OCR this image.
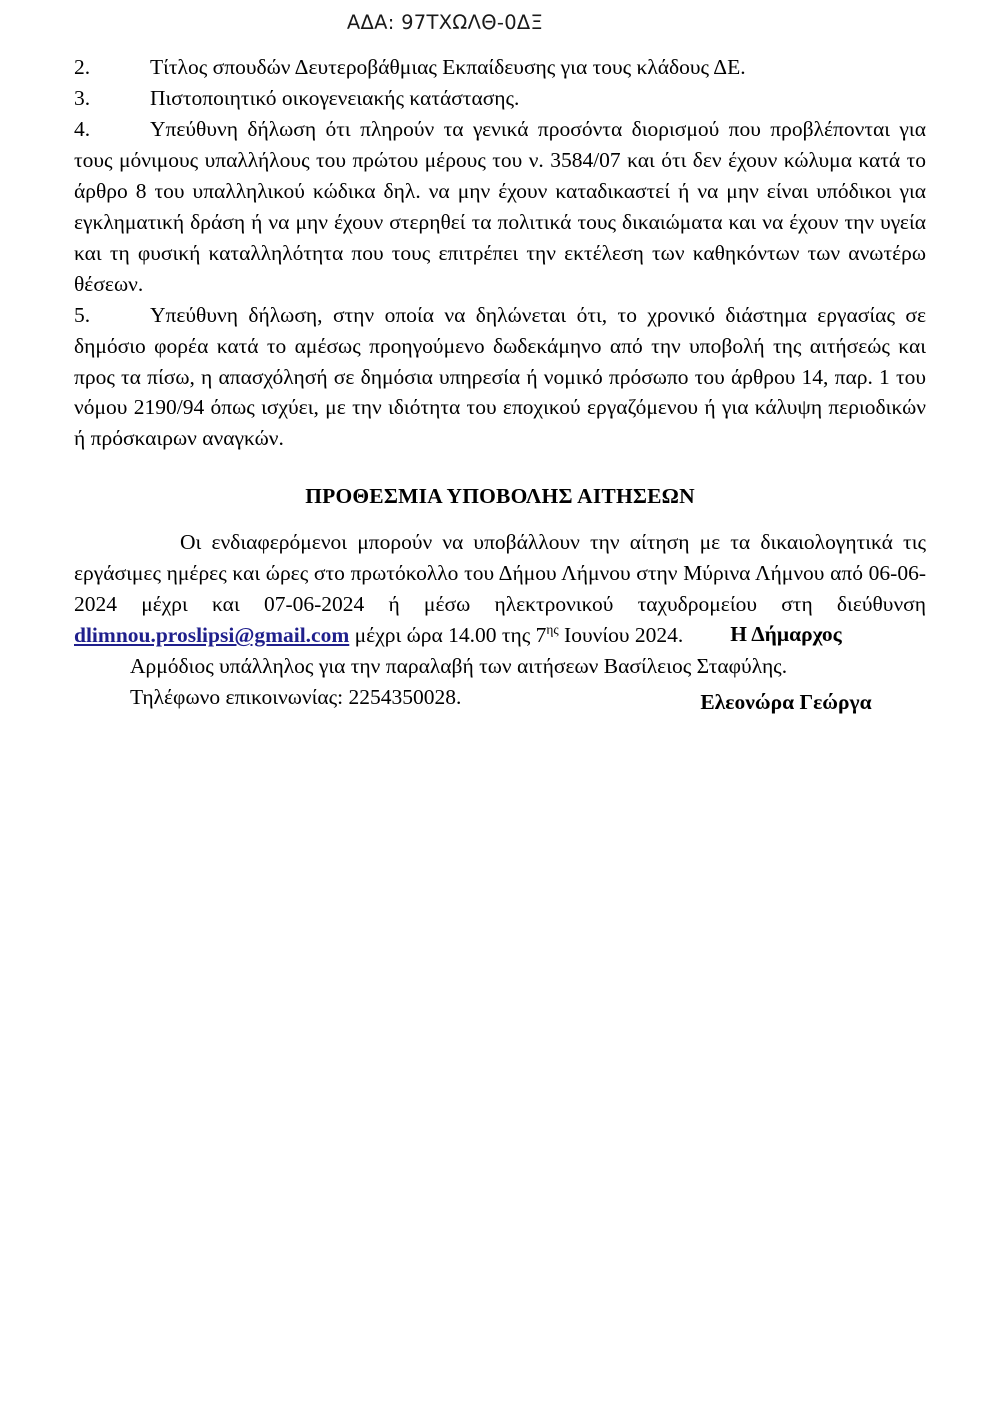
ΑΔΑ: 97ΤΧΩΛΘ-0ΔΞ
2.	Τίτλος σπουδών Δευτεροβάθμιας Εκπαίδευσης για τους κλάδους ΔΕ.
3.	Πιστοποιητικό οικογενειακής κατάστασης.

4.	Υπεύθυνη δήλωση ότι πληρούν τα γενικά προσόντα διορισμού που προβλέπονται για τους μόνιμους υπαλλήλους του πρώτου μέρους του ν. 3584/07 και ότι δεν έχουν κώλυμα κατά το άρθρο 8 του υπαλληλικού κώδικα δηλ. να μην έχουν καταδικαστεί ή να μην είναι υπόδικοι για εγκληματική δράση ή να μην έχουν στερηθεί τα πολιτικά τους δικαιώματα και να έχουν την υγεία και τη φυσική καταλληλότητα που τους επιτρέπει την εκτέλεση των καθηκόντων των ανωτέρω θέσεων.

5.	Υπεύθυνη δήλωση, στην οποία να δηλώνεται ότι, το χρονικό διάστημα εργασίας σε δημόσιο φορέα κατά το αμέσως προηγούμενο δωδεκάμηνο από την υποβολή της αιτήσεώς και προς τα πίσω, η απασχόλησή σε δημόσια υπηρεσία ή νομικό πρόσωπο του άρθρου 14, παρ. 1 του νόμου 2190/94 όπως ισχύει, με την ιδιότητα του εποχικού εργαζόμενου ή για κάλυψη περιοδικών ή πρόσκαιρων αναγκών.

ΠΡΟΘΕΣΜΙΑ ΥΠΟΒΟΛΗΣ ΑΙΤΗΣΕΩΝ

Οι ενδιαφερόμενοι μπορούν να υποβάλλουν την αίτηση με τα δικαιολογητικά τις εργάσιμες ημέρες και ώρες στο πρωτόκολλο του Δήμου Λήμνου στην Μύρινα Λήμνου από 06-06-2024 μέχρι και 07-06-2024 ή μέσω ηλεκτρονικού ταχυδρομείου στη διεύθυνση dlimnou.proslipsi@gmail.com μέχρι ώρα 14.00 της $7^{\eta\varsigma}$ Ιουνίου 2024.

Αρμόδιος υπάλληλος για την παραλαβή των αιτήσεων Βασίλειος Σταφύλης.

Τηλέφωνο επικοινωνίας: 2254350028.

Η Δήμαρχος
Ελεονώρα Γεώργα
